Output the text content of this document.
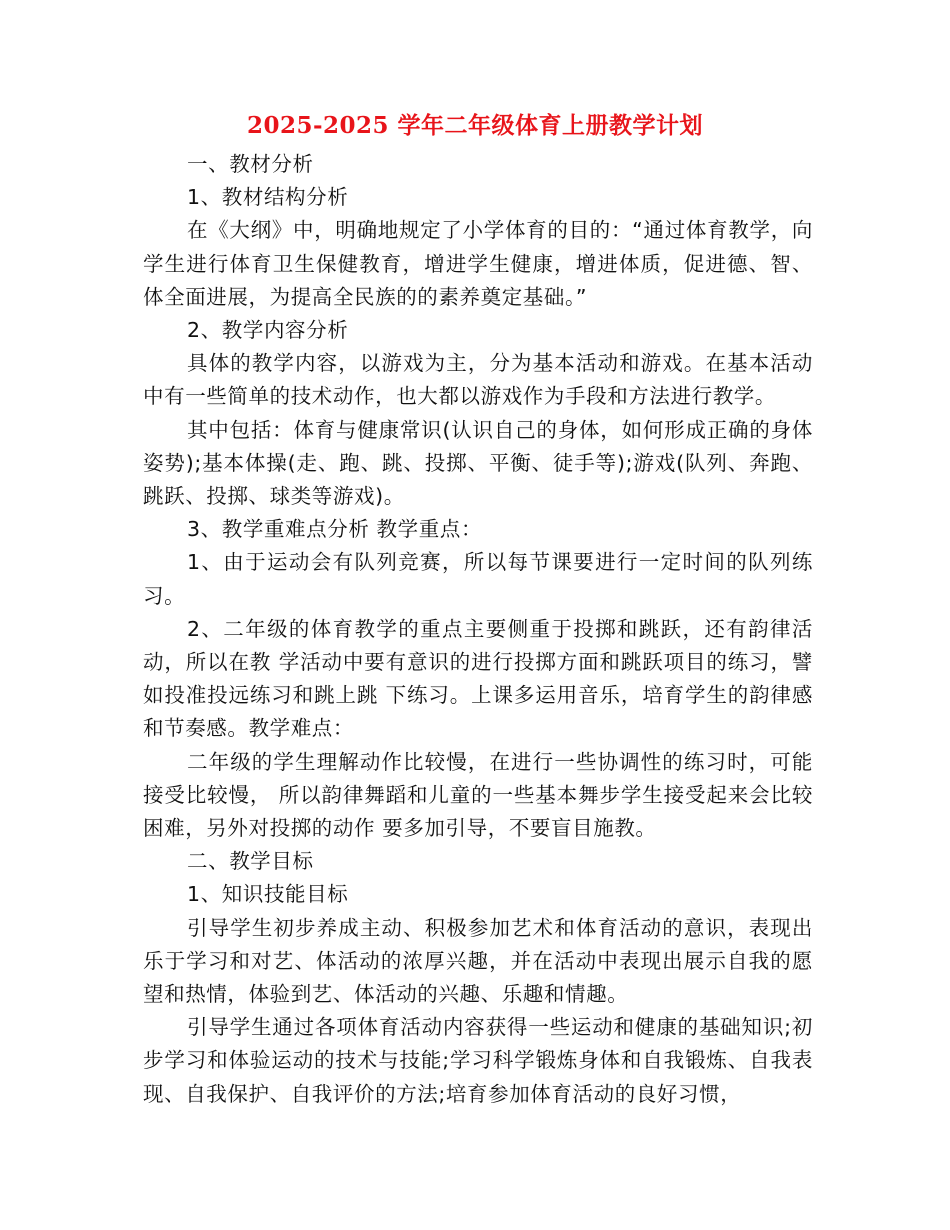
2025-2025 学年二年级体育上册教学计划

一、教材分析

1、教材结构分析

在《大纲》中，明确地规定了小学体育的目的：“通过体育教学，向学生进行体育卫生保健教育，增进学生健康，增进体质，促进德、智、体全面进展，为提高全民族的的素养奠定基础。”

2、教学内容分析

具体的教学内容，以游戏为主，分为基本活动和游戏。在基本活动中有一些简单的技术动作，也大都以游戏作为手段和方法进行教学。

其中包括：体育与健康常识(认识自己的身体，如何形成正确的身体姿势);基本体操(走、跑、跳、投掷、平衡、徒手等);游戏(队列、奔跑、跳跃、投掷、球类等游戏)。

3、教学重难点分析 教学重点：

1、由于运动会有队列竞赛，所以每节课要进行一定时间的队列练习。

2、二年级的体育教学的重点主要侧重于投掷和跳跃，还有韵律活动，所以在教 学活动中要有意识的进行投掷方面和跳跃项目的练习，譬如投准投远练习和跳上跳 下练习。上课多运用音乐，培育学生的韵律感和节奏感。教学难点：

二年级的学生理解动作比较慢，在进行一些协调性的练习时，可能接受比较慢， 所以韵律舞蹈和儿童的一些基本舞步学生接受起来会比较困难，另外对投掷的动作 要多加引导，不要盲目施教。

二、教学目标

1、知识技能目标

引导学生初步养成主动、积极参加艺术和体育活动的意识，表现出乐于学习和对艺、体活动的浓厚兴趣，并在活动中表现出展示自我的愿望和热情，体验到艺、体活动的兴趣、乐趣和情趣。

引导学生通过各项体育活动内容获得一些运动和健康的基础知识;初步学习和体验运动的技术与技能;学习科学锻炼身体和自我锻炼、自我表现、自我保护、自我评价的方法;培育参加体育活动的良好习惯，
